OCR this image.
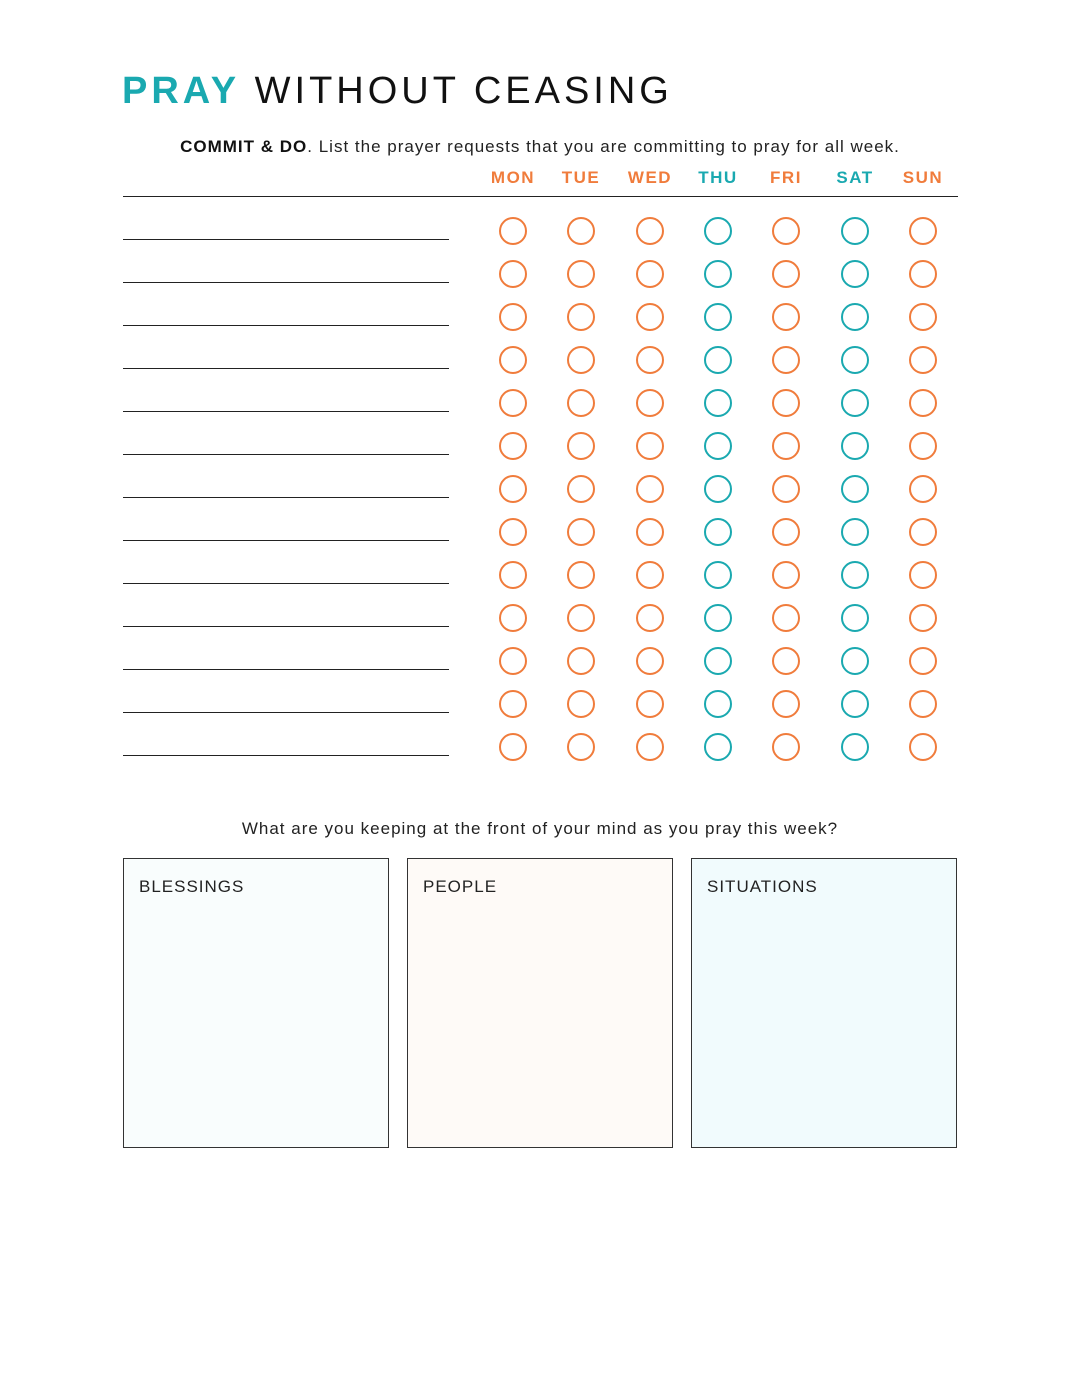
PRAY WITHOUT CEASING
COMMIT & DO. List the prayer requests that you are committing to pray for all week.
MON	TUE	WED	THU	FRI	SAT	SUN
What are you keeping at the front of your mind as you pray this week?
BLESSINGS	PEOPLE	SITUATIONS
